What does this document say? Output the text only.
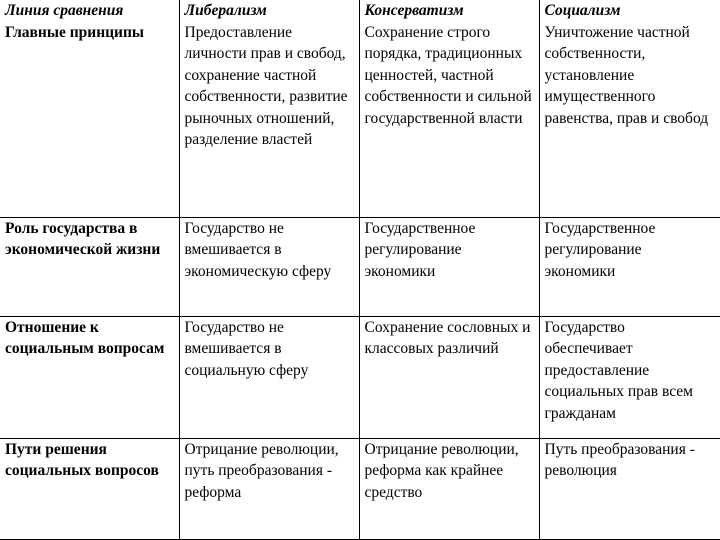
Линия сравнения	Либерализм	Консерватизм	Социализм
Главные принципы	Предоставление личности прав и свобод, сохранение частной собственности, развитие рыночных отношений, разделение властей	Сохранение строго порядка, традиционных ценностей, частной собственности и сильной государственной власти	Уничтожение частной собственности, установление имущественного равенства, прав и свобод
Роль государства в экономической жизни	Государство не вмешивается в экономическую сферу	Государственное регулирование экономики	Государственное регулирование экономики
Отношение к социальным вопросам	Государство не вмешивается в социальную сферу	Сохранение сословных и классовых различий	Государство обеспечивает предоставление социальных прав всем гражданам
Пути решения социальных вопросов	Отрицание революции, путь преобразования - реформа	Отрицание революции, реформа как крайнее средство	Путь преобразования - революция
